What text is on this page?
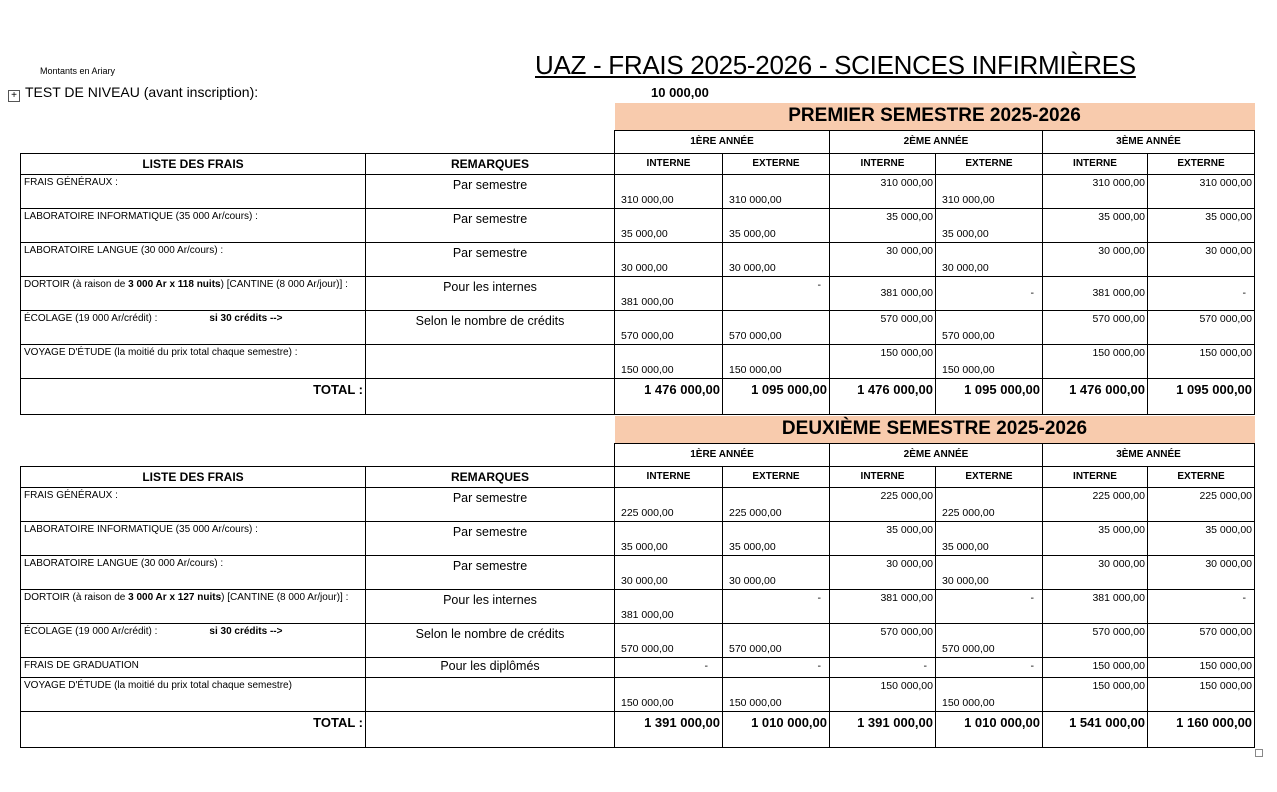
Montants en Ariary	UAZ - FRAIS 2025-2026 - SCIENCES INFIRMIÈRES
+ TEST DE NIVEAU (avant inscription):	10 000,00
		PREMIER SEMESTRE 2025-2026					
		1ÈRE ANNÉE		2ÈME ANNÉE		3ÈME ANNÉE	
LISTE DES FRAIS	REMARQUES	INTERNE	EXTERNE	INTERNE	EXTERNE	INTERNE	EXTERNE
FRAIS GÉNÉRAUX :	Par semestre	310 000,00	310 000,00	310 000,00	310 000,00	310 000,00	310 000,00

LABORATOIRE INFORMATIQUE (35 000 Ar/cours) :	Par semestre	35 000,00	35 000,00	35 000,00	35 000,00	35 000,00	35 000,00

LABORATOIRE LANGUE (30 000 Ar/cours) :	Par semestre	30 000,00	30 000,00	30 000,00	30 000,00	30 000,00	30 000,00

DORTOIR (à raison de 3 000 Ar x 118 nuits) [CANTINE (8 000 Ar/jour)] :	Pour les internes	381 000,00	-	381 000,00	-	381 000,00	-

ÉCOLAGE (19 000 Ar/crédit) : si 30 crédits -->	Selon le nombre de crédits	570 000,00	570 000,00	570 000,00	570 000,00	570 000,00	570 000,00

VOYAGE D'ÉTUDE (la moitié du prix total chaque semestre) :		150 000,00	150 000,00	150 000,00	150 000,00	150 000,00	150 000,00

TOTAL :		1 476 000,00	1 095 000,00	1 476 000,00	1 095 000,00	1 476 000,00	1 095 000,00
		DEUXIÈME SEMESTRE 2025-2026					
		1ÈRE ANNÉE		2ÈME ANNÉE		3ÈME ANNÉE	
LISTE DES FRAIS	REMARQUES	INTERNE	EXTERNE	INTERNE	EXTERNE	INTERNE	EXTERNE
FRAIS GÉNÉRAUX :	Par semestre	225 000,00	225 000,00	225 000,00	225 000,00	225 000,00	225 000,00

LABORATOIRE INFORMATIQUE (35 000 Ar/cours) :	Par semestre	35 000,00	35 000,00	35 000,00	35 000,00	35 000,00	35 000,00

LABORATOIRE LANGUE (30 000 Ar/cours) :	Par semestre	30 000,00	30 000,00	30 000,00	30 000,00	30 000,00	30 000,00

DORTOIR (à raison de 3 000 Ar x 127 nuits) [CANTINE (8 000 Ar/jour)] :	Pour les internes	381 000,00	-	381 000,00	-	381 000,00	-

ÉCOLAGE (19 000 Ar/crédit) : si 30 crédits -->	Selon le nombre de crédits	570 000,00	570 000,00	570 000,00	570 000,00	570 000,00	570 000,00

FRAIS DE GRADUATION	Pour les diplômés	-	-	-	-	150 000,00	150 000,00

VOYAGE D'ÉTUDE (la moitié du prix total chaque semestre)		150 000,00	150 000,00	150 000,00	150 000,00	150 000,00	150 000,00

TOTAL :		1 391 000,00	1 010 000,00	1 391 000,00	1 010 000,00	1 541 000,00	1 160 000,00
